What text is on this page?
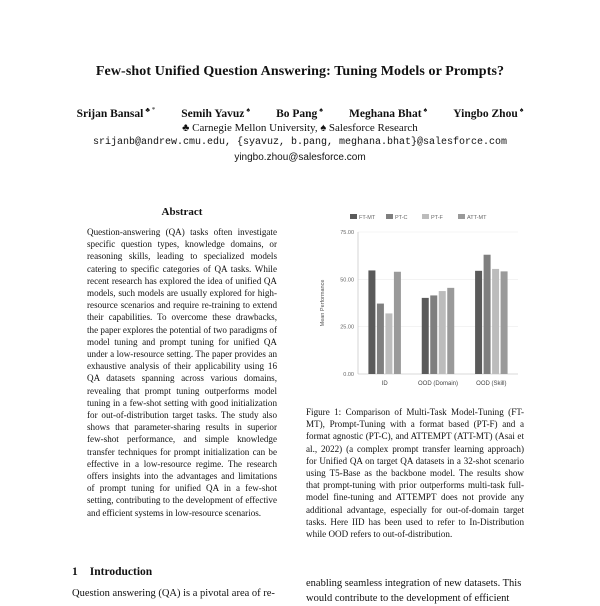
Few-shot Unified Question Answering: Tuning Models or Prompts?
Srijan Bansal ♣ * Semih Yavuz ♠ Bo Pang ♠ Meghana Bhat ♠ Yingbo Zhou ♠
♣ Carnegie Mellon University, ♠ Salesforce Research
srijanb@andrew.cmu.edu, {syavuz, b.pang, meghana.bhat}@salesforce.com
yingbo.zhou@salesforce.com
Abstract
Question-answering (QA) tasks often investigate specific question types, knowledge domains, or reasoning skills, leading to specialized models catering to specific categories of QA tasks. While recent research has explored the idea of unified QA models, such models are usually explored for high-resource scenarios and require re-training to extend their capabilities. To overcome these drawbacks, the paper explores the potential of two paradigms of model tuning and prompt tuning for unified QA under a low-resource setting. The paper provides an exhaustive analysis of their applicability using 16 QA datasets spanning across various domains, revealing that prompt tuning outperforms model tuning in a few-shot setting with good initialization for out-of-distribution target tasks. The study also shows that parameter-sharing results in superior few-shot performance, and simple knowledge transfer techniques for prompt initialization can be effective in a low-resource regime. The research offers insights into the advantages and limitations of prompt tuning for unified QA in a few-shot setting, contributing to the development of effective and efficient systems in low-resource scenarios.
FT-MT	PT-C	PT-F	ATT-MT
0.00
25.00
50.00
75.00
Mean Performance
ID	OOD (Domain)	OOD (Skill)
Figure 1: Comparison of Multi-Task Model-Tuning (FT-MT), Prompt-Tuning with a format based (PT-F) and a format agnostic (PT-C), and ATTEMPT (ATT-MT) (Asai et al., 2022) (a complex prompt transfer learning approach) for Unified QA on target QA datasets in a 32-shot scenario using T5-Base as the backbone model. The results show that prompt-tuning with prior outperforms multi-task full-model fine-tuning and ATTEMPT does not provide any additional advantage, especially for out-of-domain target tasks. Here IID has been used to refer to In-Distribution while OOD refers to out-of-distribution.
1 Introduction
Question answering (QA) is a pivotal area of re-
enabling seamless integration of new datasets. This
would contribute to the development of efficient
